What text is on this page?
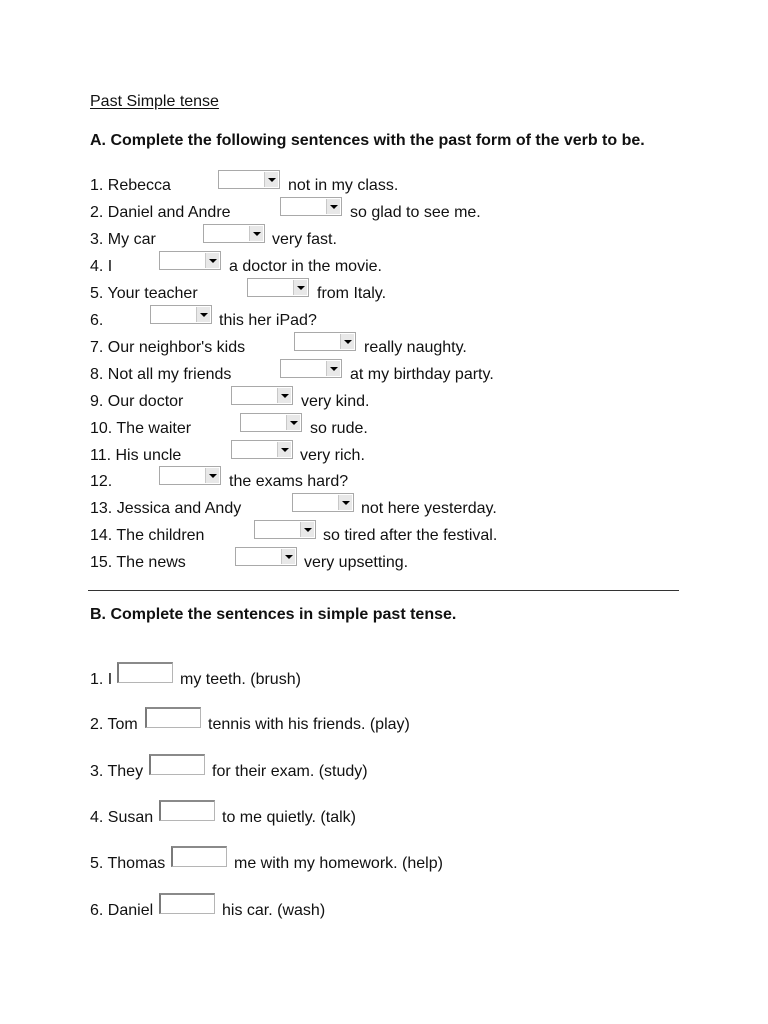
Past Simple tense
A. Complete the following sentences with the past form of the verb to be.
1. Rebecca	not in my class.
2. Daniel and Andre	so glad to see me.
3. My car	very fast.
4. I	a doctor in the movie.
5. Your teacher	from Italy.
6.	this her iPad?
7. Our neighbor's kids	really naughty.
8. Not all my friends	at my birthday party.
9. Our doctor	very kind.
10. The waiter	so rude.
11. His uncle	very rich.
12.	the exams hard?
13. Jessica and Andy	not here yesterday.
14. The children	so tired after the festival.
15. The news	very upsetting.
B. Complete the sentences in simple past tense.
1. I	my teeth. (brush)
2. Tom	tennis with his friends. (play)
3. They	for their exam. (study)
4. Susan	to me quietly. (talk)
5. Thomas	me with my homework. (help)
6. Daniel	his car. (wash)
